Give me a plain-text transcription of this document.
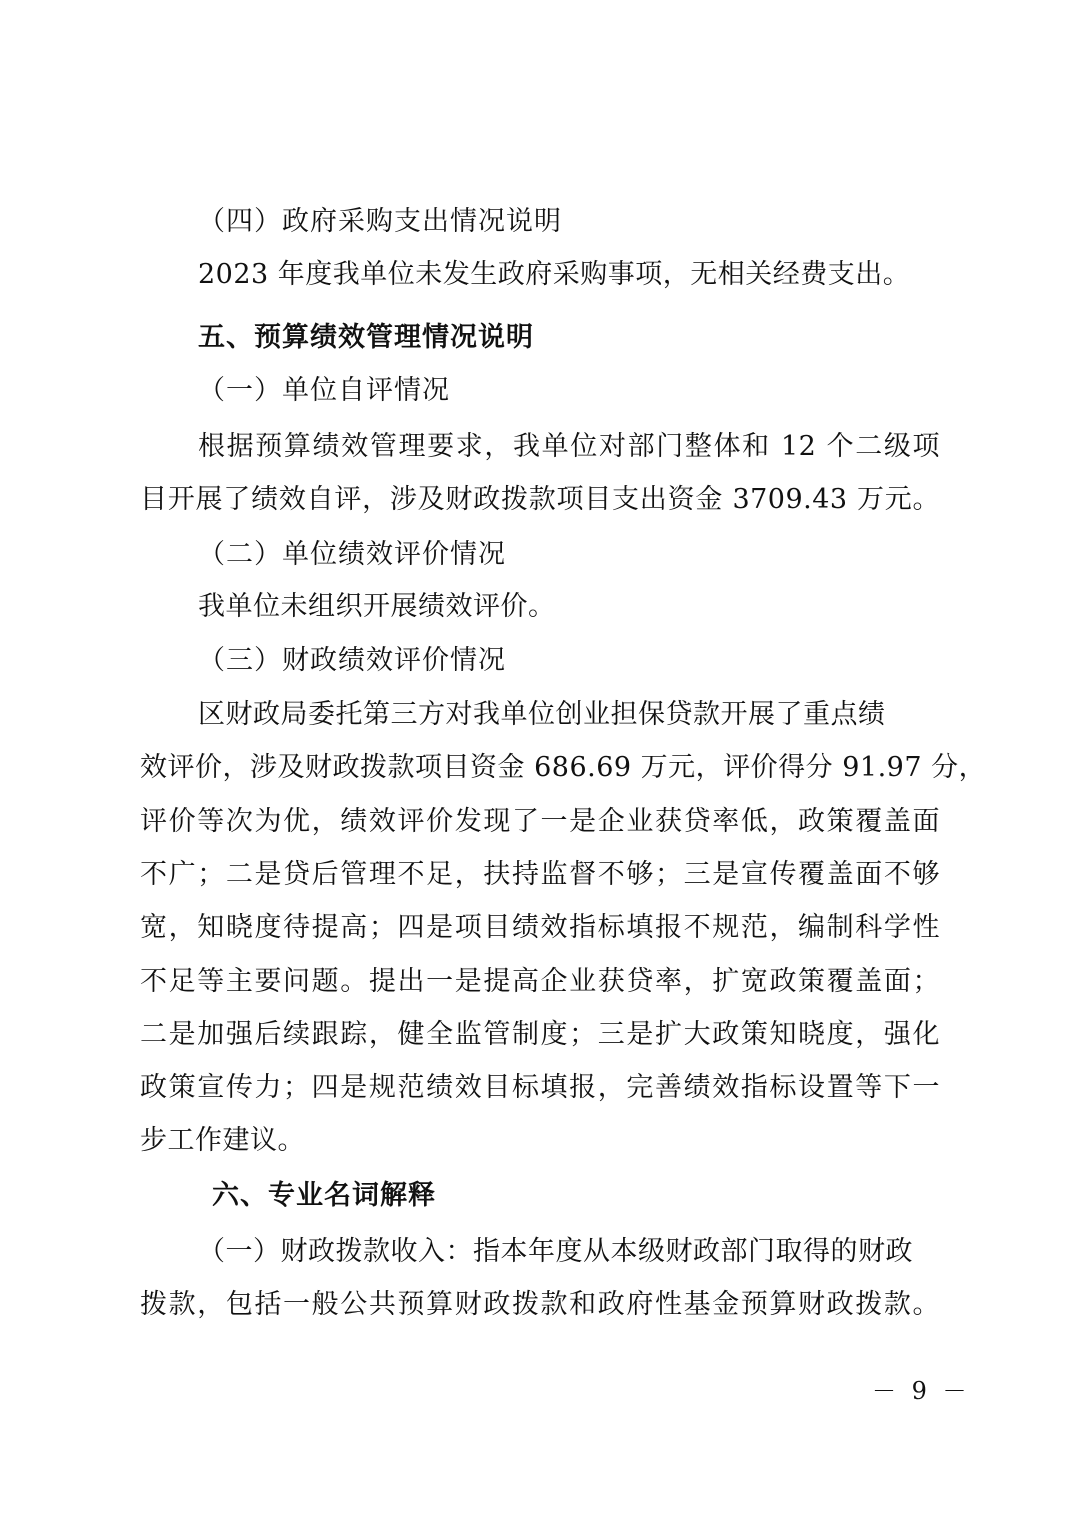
（四）政府采购支出情况说明
2023 年度我单位未发生政府采购事项，无相关经费支出。
五、预算绩效管理情况说明
（一）单位自评情况
根据预算绩效管理要求，我单位对部门整体和 12 个二级项
目开展了绩效自评，涉及财政拨款项目支出资金 3709.43 万元。
（二）单位绩效评价情况
我单位未组织开展绩效评价。
（三）财政绩效评价情况
区财政局委托第三方对我单位创业担保贷款开展了重点绩
效评价，涉及财政拨款项目资金 686.69 万元，评价得分 91.97 分，
评价等次为优，绩效评价发现了一是企业获贷率低，政策覆盖面
不广；二是贷后管理不足，扶持监督不够；三是宣传覆盖面不够
宽，知晓度待提高；四是项目绩效指标填报不规范，编制科学性
不足等主要问题。提出一是提高企业获贷率，扩宽政策覆盖面；
二是加强后续跟踪，健全监管制度；三是扩大政策知晓度，强化
政策宣传力；四是规范绩效目标填报，完善绩效指标设置等下一
步工作建议。
六、专业名词解释
（一）财政拨款收入：指本年度从本级财政部门取得的财政
拨款，包括一般公共预算财政拨款和政府性基金预算财政拨款。
－ 9 －
